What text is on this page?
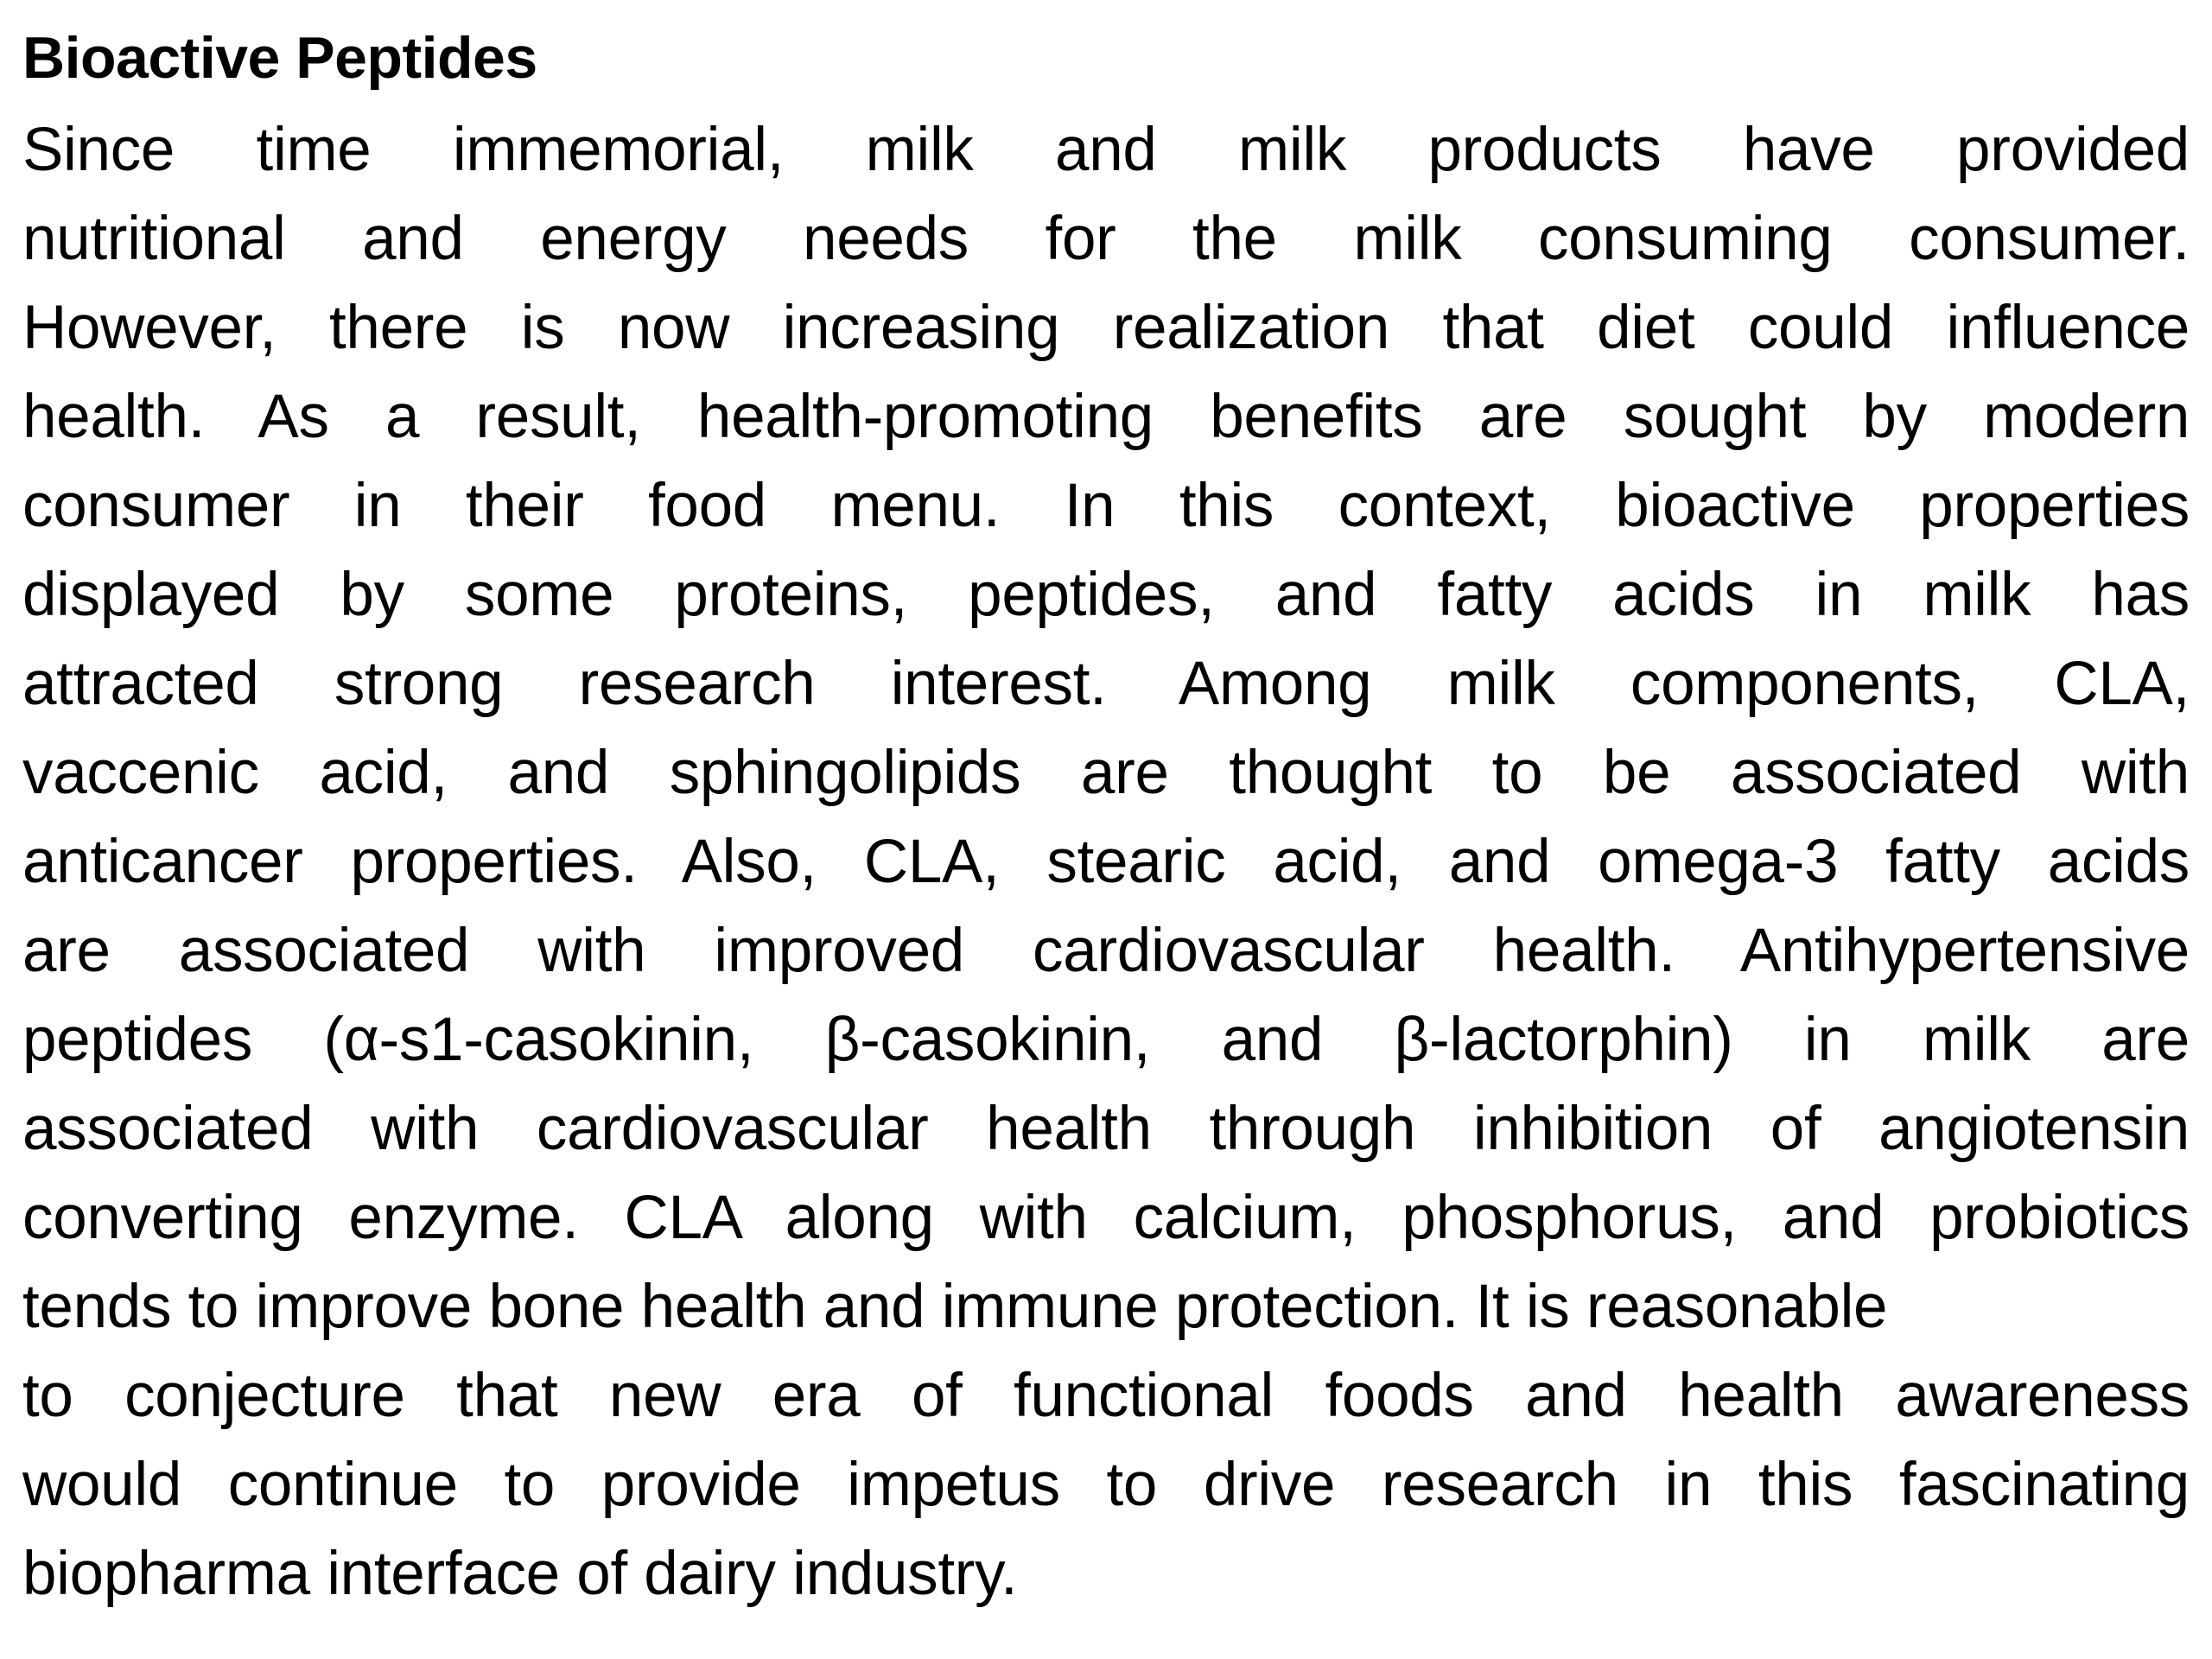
Bioactive Peptides
Since time immemorial, milk and milk products have provided
nutritional and energy needs for the milk consuming consumer.
However, there is now increasing realization that diet could influence
health. As a result, health-promoting benefits are sought by modern
consumer in their food menu. In this context, bioactive properties
displayed by some proteins, peptides, and fatty acids in milk has
attracted strong research interest. Among milk components, CLA,
vaccenic acid, and sphingolipids are thought to be associated with
anticancer properties. Also, CLA, stearic acid, and omega-3 fatty acids
are associated with improved cardiovascular health. Antihypertensive
peptides (α-s1-casokinin, β-casokinin, and β-lactorphin) in milk are
associated with cardiovascular health through inhibition of angiotensin
converting enzyme. CLA along with calcium, phosphorus, and probiotics
tends to improve bone health and immune protection. It is reasonable
to conjecture that new era of functional foods and health awareness
would continue to provide impetus to drive research in this fascinating
biopharma interface of dairy industry.
